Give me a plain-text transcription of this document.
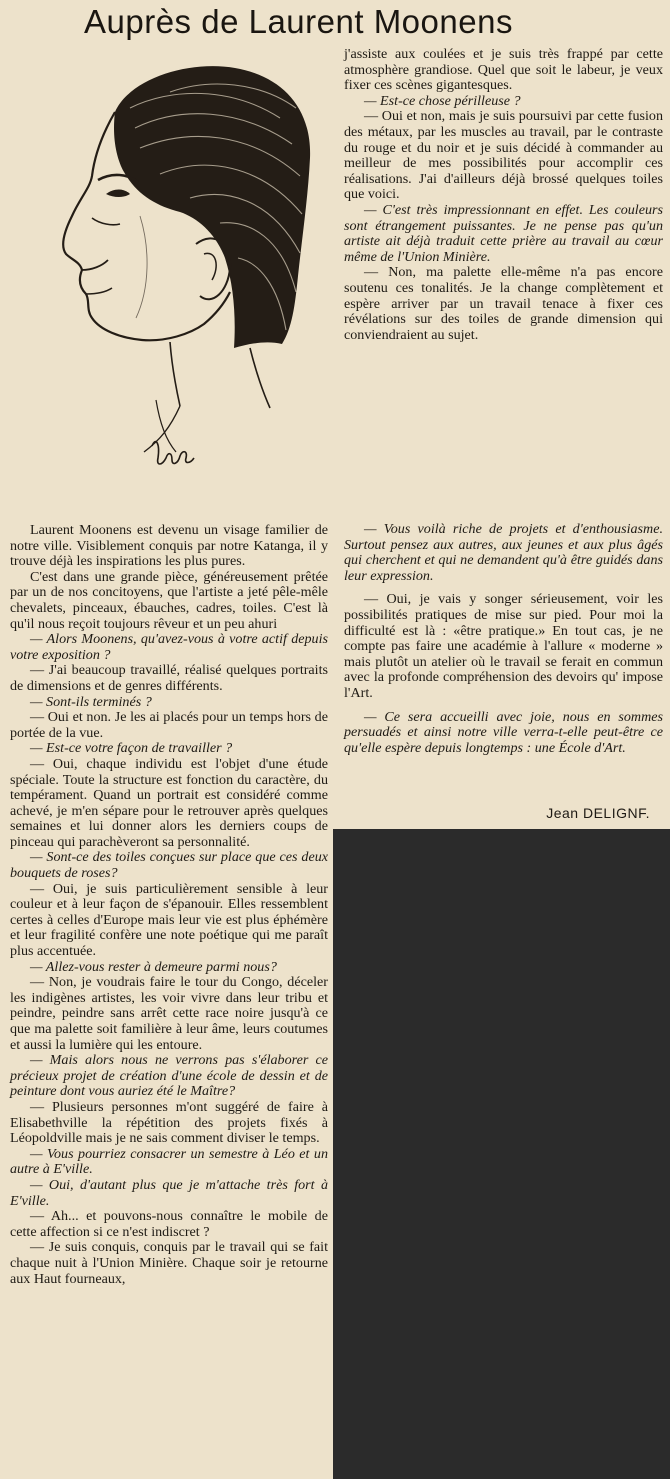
Auprès de Laurent Moonens

j'assiste aux coulées et je suis très frappé par cette atmosphère grandiose. Quel que soit le labeur, je veux fixer ces scènes gigantesques.

— Est-ce chose périlleuse ?

— Oui et non, mais je suis poursuivi par cette fusion des métaux, par les muscles au travail, par le contraste du rouge et du noir et je suis décidé à commander au meilleur de mes possibilités pour accomplir ces réalisations. J'ai d'ailleurs déjà brossé quelques toiles que voici.

— C'est très impressionnant en effet. Les couleurs sont étrangement puissantes. Je ne pense pas qu'un artiste ait déjà traduit cette prière au travail au cœur même de l'Union Minière.

— Non, ma palette elle-même n'a pas encore soutenu ces tonalités. Je la change complètement et espère arriver par un travail tenace à fixer ces révélations sur des toiles de grande dimension qui conviendraient au sujet.

— Vous voilà riche de projets et d'enthousiasme. Surtout pensez aux autres, aux jeunes et aux plus âgés qui cherchent et qui ne demandent qu'à être guidés dans leur expression.

— Oui, je vais y songer sérieusement, voir les possibilités pratiques de mise sur pied. Pour moi la difficulté est là : «être pratique.» En tout cas, je ne compte pas faire une académie à l'allure « moderne » mais plutôt un atelier où le travail se ferait en commun avec la profonde compréhension des devoirs qu' impose l'Art.

— Ce sera accueilli avec joie, nous en sommes persuadés et ainsi notre ville verra-t-elle peut-être ce qu'elle espère depuis longtemps : une École d'Art.

Jean DELIGNF.

Laurent Moonens est devenu un visage familier de notre ville. Visiblement conquis par notre Katanga, il y trouve déjà les inspirations les plus pures.

C'est dans une grande pièce, généreusement prêtée par un de nos concitoyens, que l'artiste a jeté pêle-mêle chevalets, pinceaux, ébauches, cadres, toiles. C'est là qu'il nous reçoit toujours rêveur et un peu ahuri

— Alors Moonens, qu'avez-vous à votre actif depuis votre exposition ?

— J'ai beaucoup travaillé, réalisé quelques portraits de dimensions et de genres différents.

— Sont-ils terminés ?

— Oui et non. Je les ai placés pour un temps hors de portée de la vue.

— Est-ce votre façon de travailler ?

— Oui, chaque individu est l'objet d'une étude spéciale. Toute la structure est fonction du caractère, du tempérament. Quand un portrait est considéré comme achevé, je m'en sépare pour le retrouver après quelques semaines et lui donner alors les derniers coups de pinceau qui parachèveront sa personnalité.

— Sont-ce des toiles conçues sur place que ces deux bouquets de roses?

— Oui, je suis particulièrement sensible à leur couleur et à leur façon de s'épanouir. Elles ressemblent certes à celles d'Europe mais leur vie est plus éphémère et leur fragilité confère une note poétique qui me paraît plus accentuée.

— Allez-vous rester à demeure parmi nous?

— Non, je voudrais faire le tour du Congo, déceler les indigènes artistes, les voir vivre dans leur tribu et peindre, peindre sans arrêt cette race noire jusqu'à ce que ma palette soit familière à leur âme, leurs coutumes et aussi la lumière qui les entoure.

— Mais alors nous ne verrons pas s'élaborer ce précieux projet de création d'une école de dessin et de peinture dont vous auriez été le Maître?

— Plusieurs personnes m'ont suggéré de faire à Elisabethville la répétition des projets fixés à Léopoldville mais je ne sais comment diviser le temps.

— Vous pourriez consacrer un semestre à Léo et un autre à E'ville.

— Oui, d'autant plus que je m'attache très fort à E'ville.

— Ah... et pouvons-nous connaître le mobile de cette affection si ce n'est indiscret ?

— Je suis conquis, conquis par le travail qui se fait chaque nuit à l'Union Minière. Chaque soir je retourne aux Haut fourneaux,
